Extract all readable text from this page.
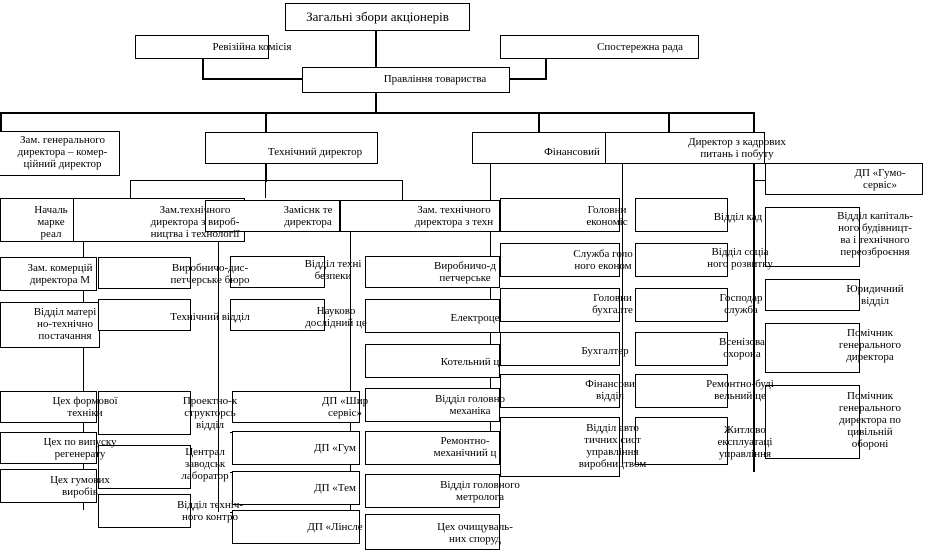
Загальні збори акціонерів
Ревізійна комісія	Спостережна рада
Правління товариства
Зам. генерального
директора – комер-
ційний директор
Технічний директор	Фінансовий
Директор з кадрових
питань і побуту
ДП «Гумо-
сервіс»
Началь
марке
реал
Зам.технічного
директора з вироб-
ництва і технології
Заміснк те
директора
Зам. технічного
директора з техн
Головни
економіс	Відділ кад	Відділ капіталь-
ного будівницт-
ва і технічного
переозброєння
Зам. комерцій
директора М
Виробничо-дис-
петчерське бюро
Відділ техні
безпеки
Виробничо-д
петчерське
Служба голо
ного економ
Відділ соціа
ного розвитку
Юридичний
відділ
Відділ матері
но-технічно
постачання
Технічний відділ	Науково
дослідний це	Електроце
Головни
бухгалте
Господар
служба
Помічник
генерального
директора
Котельний ц
Бухгалтер
Всенізова
охорона
Цех формової
техніки
Проектно-к
структорсь
відділ
ДП «Шир
сервіс»
Відділ головно
механіка
Фінансови
відділ
Ремонтно-буді
вельний це	Помічник
генерального
директора по
цивільній
обороні
Цех по випуску
регенерату	Централ
заводськ
лаборатор
ДП «Гум
Ремонтно-
механічний ц
Відділ авто
тичних сист
управління
виробництвом
Житлово
експлуатаці
управління
Цех гумових
виробів	ДП «Тем	Відділ головного
метролога
Відділ техніч-
ного контро
ДП «Лінсле	Цех очищуваль-
них споруд
